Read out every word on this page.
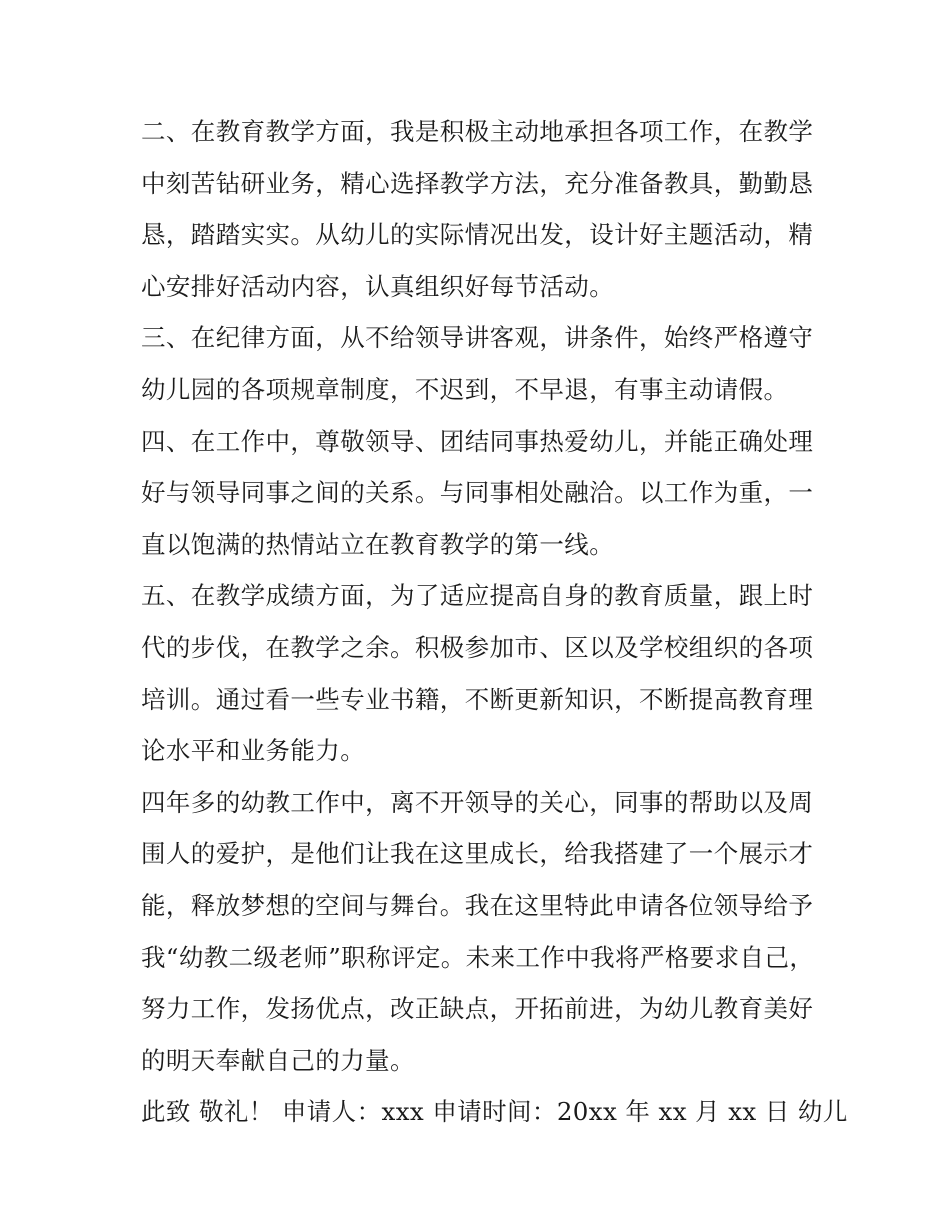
二、在教育教学方面，我是积极主动地承担各项工作，在教学
中刻苦钻研业务，精心选择教学方法，充分准备教具，勤勤恳
恳，踏踏实实。从幼儿的实际情况出发，设计好主题活动，精
心安排好活动内容，认真组织好每节活动。
三、在纪律方面，从不给领导讲客观，讲条件，始终严格遵守
幼儿园的各项规章制度，不迟到，不早退，有事主动请假。
四、在工作中，尊敬领导、团结同事热爱幼儿，并能正确处理
好与领导同事之间的关系。与同事相处融洽。以工作为重，一
直以饱满的热情站立在教育教学的第一线。
五、在教学成绩方面，为了适应提高自身的教育质量，跟上时
代的步伐，在教学之余。积极参加市、区以及学校组织的各项
培训。通过看一些专业书籍，不断更新知识，不断提高教育理
论水平和业务能力。
四年多的幼教工作中，离不开领导的关心，同事的帮助以及周
围人的爱护，是他们让我在这里成长，给我搭建了一个展示才
能，释放梦想的空间与舞台。我在这里特此申请各位领导给予
我“幼教二级老师”职称评定。未来工作中我将严格要求自己，
努力工作，发扬优点，改正缺点，开拓前进，为幼儿教育美好
的明天奉献自己的力量。
此致 敬礼！ 申请人：xxx 申请时间：20xx 年 xx 月 xx 日 幼儿
